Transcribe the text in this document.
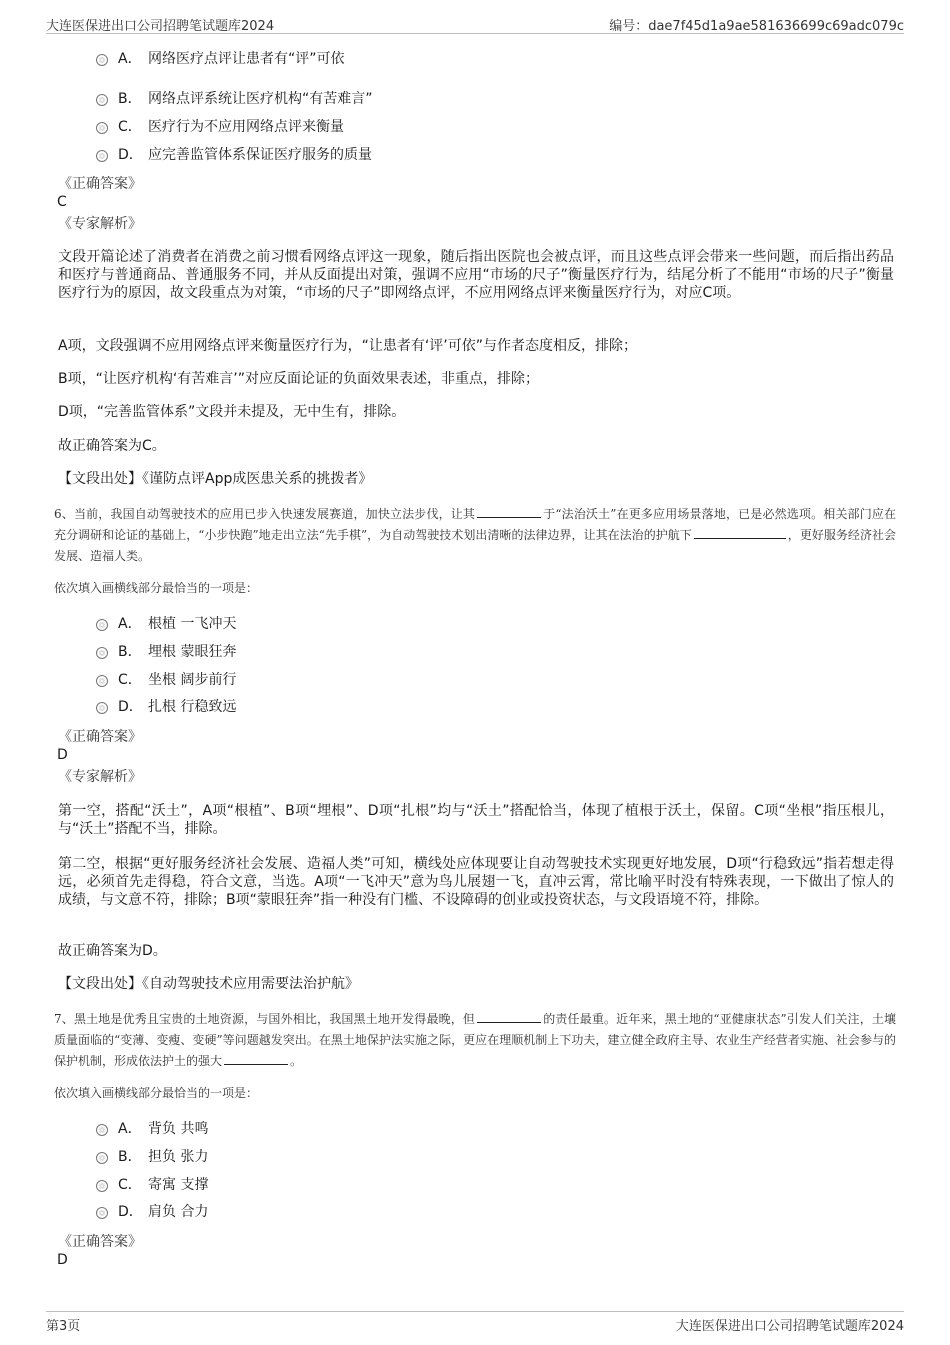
大连医保进出口公司招聘笔试题库2024	编号：dae7f45d1a9ae581636699c69adc079c
A． 网络医疗点评让患者有“评”可依
B． 网络点评系统让医疗机构“有苦难言”
C． 医疗行为不应用网络点评来衡量
D． 应完善监管体系保证医疗服务的质量
《正确答案》
C
《专家解析》
文段开篇论述了消费者在消费之前习惯看网络点评这一现象，随后指出医院也会被点评，而且这些点评会带来一些问题，而后指出药品和医疗与普通商品、普通服务不同，并从反面提出对策，强调不应用“市场的尺子”衡量医疗行为，结尾分析了不能用“市场的尺子”衡量医疗行为的原因，故文段重点为对策，“市场的尺子”即网络点评，不应用网络点评来衡量医疗行为，对应C项。
A项，文段强调不应用网络点评来衡量医疗行为，“让患者有‘评’可依”与作者态度相反，排除；
B项，“让医疗机构‘有苦难言’”对应反面论证的负面效果表述，非重点，排除；
D项，“完善监管体系”文段并未提及，无中生有，排除。
故正确答案为C。
【文段出处】《谨防点评App成医患关系的挑拨者》
6、当前，我国自动驾驶技术的应用已步入快速发展赛道，加快立法步伐，让其	于“法治沃土”在更多应用场景落地，已是必然选项。相关部门应在充分调研和论证的基础上，“小步快跑”地走出立法“先手棋”，为自动驾驶技术划出清晰的法律边界，让其在法治的护航下	，更好服务经济社会发展、造福人类。
依次填入画横线部分最恰当的一项是：
A． 根植 一飞冲天
B． 埋根 蒙眼狂奔
C． 坐根 阔步前行
D． 扎根 行稳致远
《正确答案》
D
《专家解析》
第一空，搭配“沃土”，A项“根植”、B项“埋根”、D项“扎根”均与“沃土”搭配恰当，体现了植根于沃土，保留。C项“坐根”指压根儿，与“沃土”搭配不当，排除。
第二空，根据“更好服务经济社会发展、造福人类”可知，横线处应体现要让自动驾驶技术实现更好地发展，D项“行稳致远”指若想走得远，必须首先走得稳，符合文意，当选。A项“一飞冲天”意为鸟儿展翅一飞，直冲云霄，常比喻平时没有特殊表现，一下做出了惊人的成绩，与文意不符，排除；B项“蒙眼狂奔”指一种没有门槛、不设障碍的创业或投资状态，与文段语境不符，排除。
故正确答案为D。
【文段出处】《自动驾驶技术应用需要法治护航》
7、黑土地是优秀且宝贵的土地资源，与国外相比，我国黑土地开发得最晚，但	的责任最重。近年来，黑土地的“亚健康状态”引发人们关注，土壤质量面临的“变薄、变瘦、变硬”等问题越发突出。在黑土地保护法实施之际，更应在理顺机制上下功夫，建立健全政府主导、农业生产经营者实施、社会参与的保护机制，形成依法护土的强大	。
依次填入画横线部分最恰当的一项是：
A． 背负 共鸣
B． 担负 张力
C． 寄寓 支撑
D． 肩负 合力
《正确答案》
D
第3页	大连医保进出口公司招聘笔试题库2024
